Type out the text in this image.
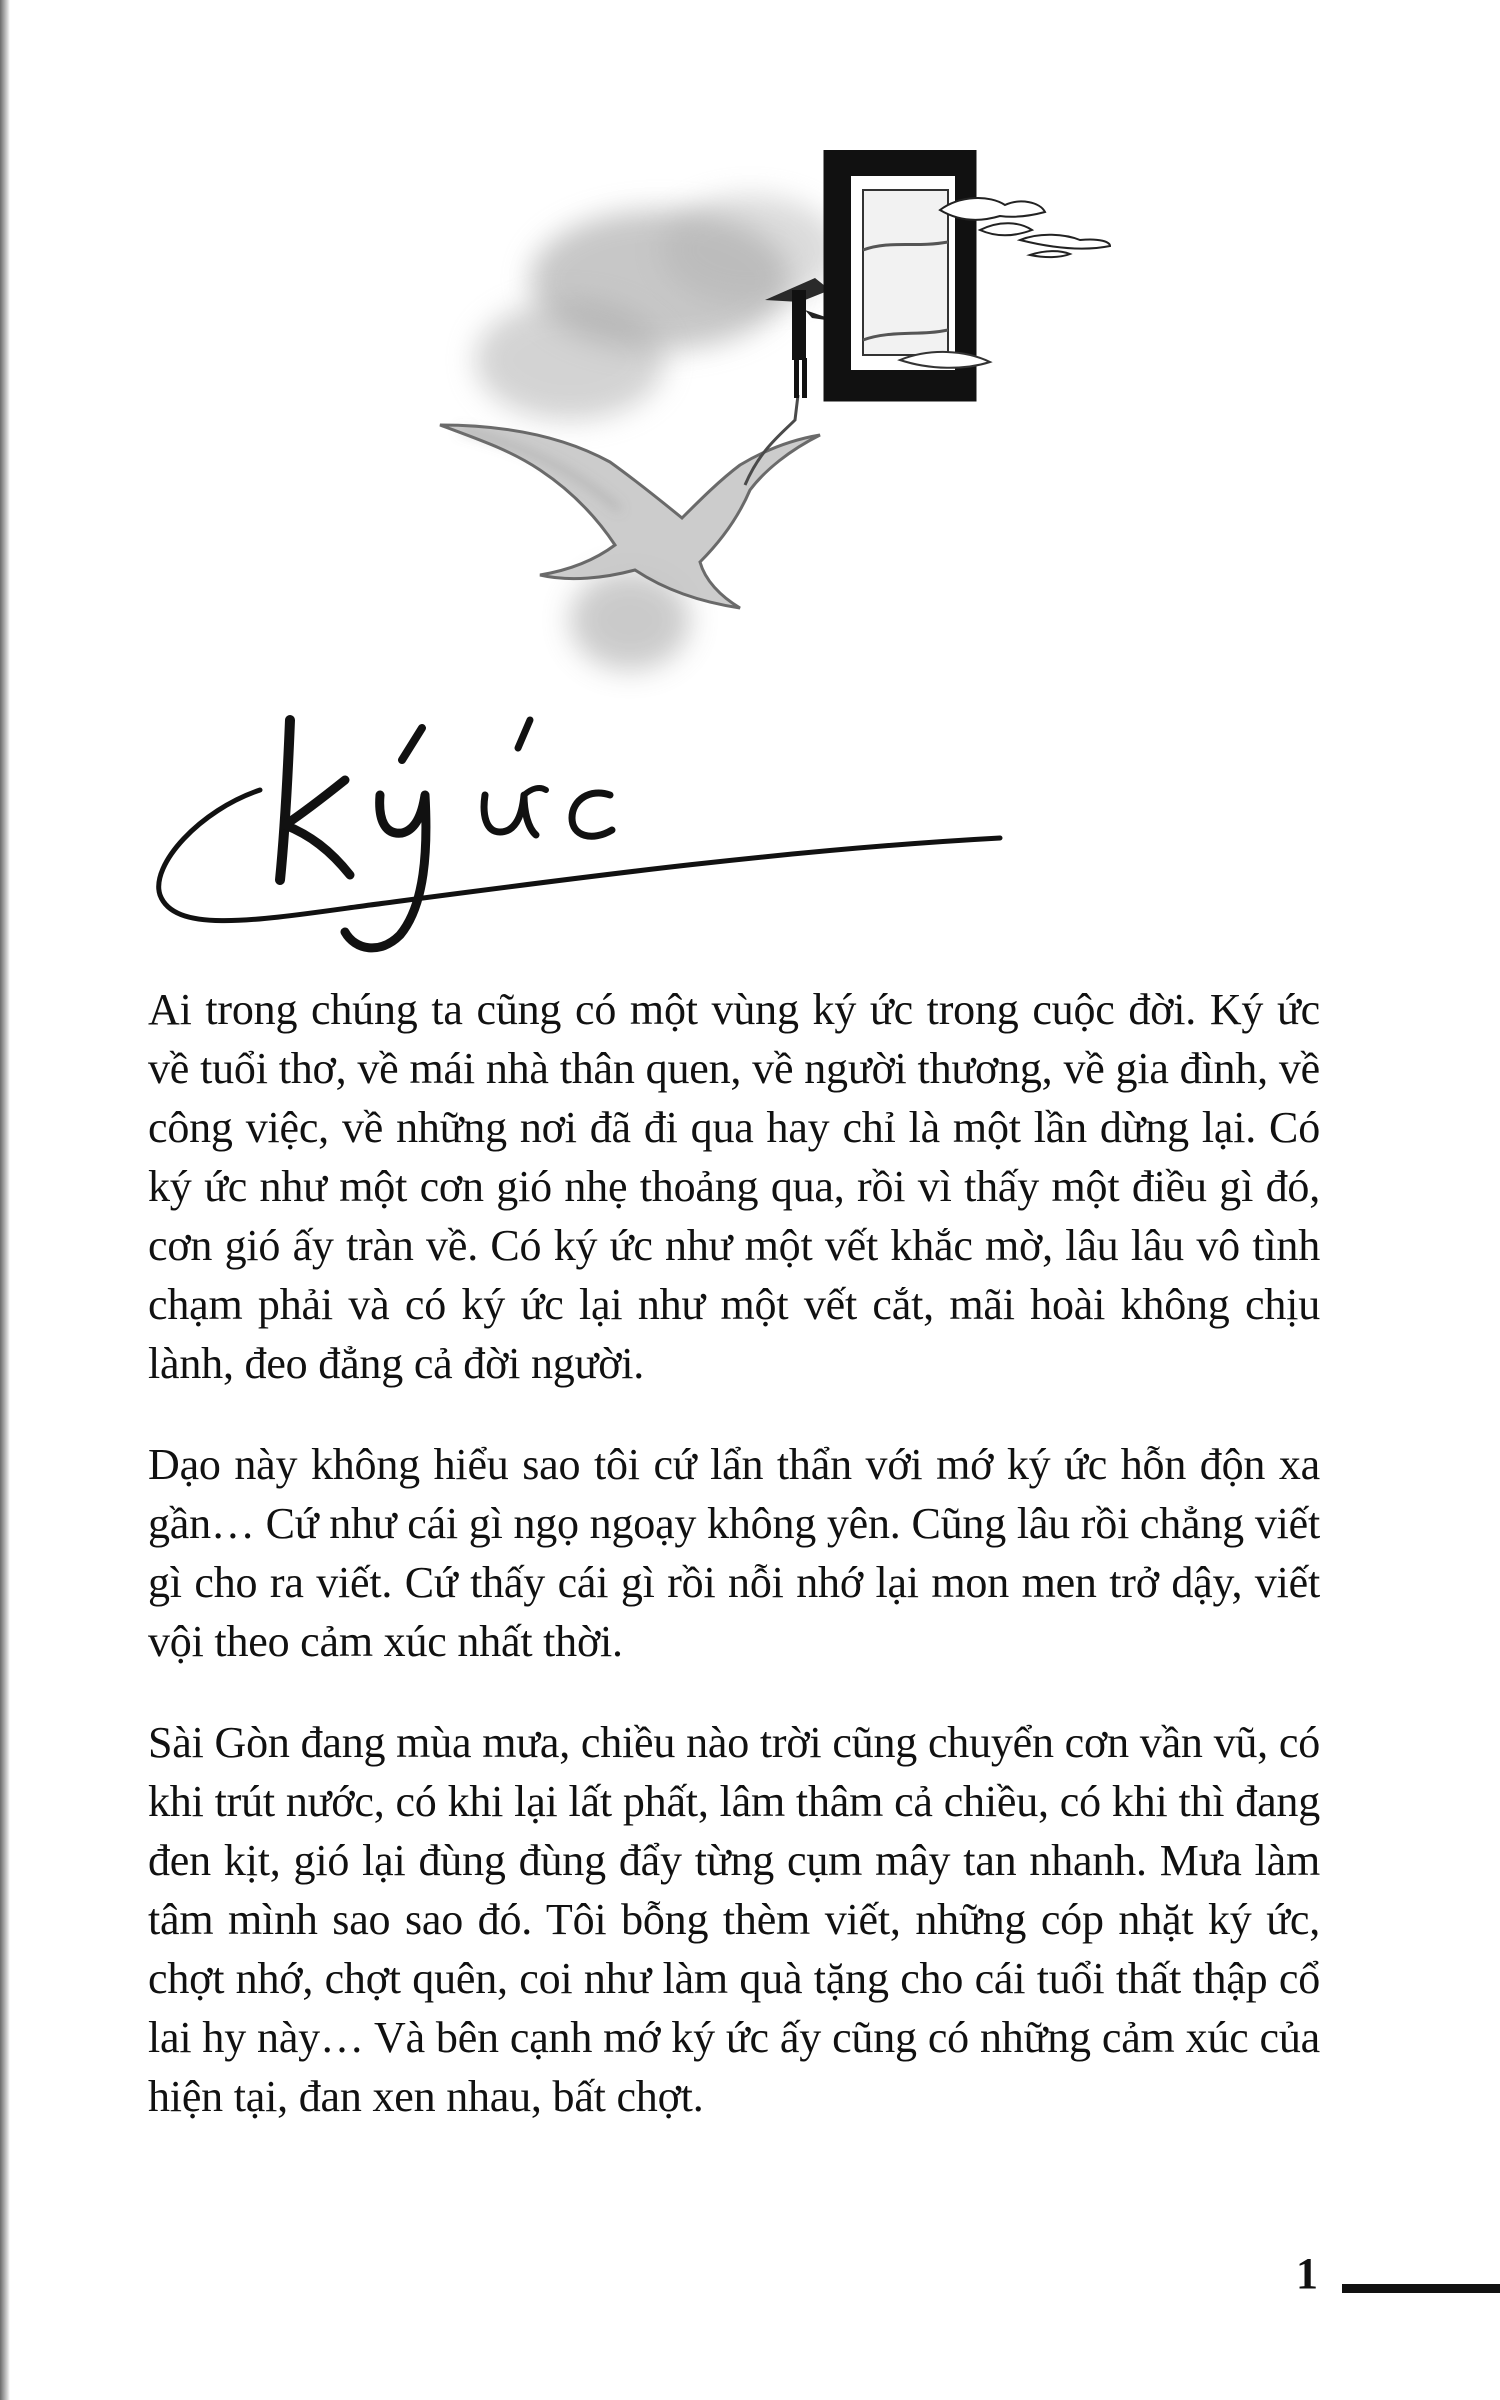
Ai trong chúng ta cũng có một vùng ký ức trong cuộc đời. Ký ức về tuổi thơ, về mái nhà thân quen, về người thương, về gia đình, về công việc, về những nơi đã đi qua hay chỉ là một lần dừng lại. Có ký ức như một cơn gió nhẹ thoảng qua, rồi vì thấy một điều gì đó, cơn gió ấy tràn về. Có ký ức như một vết khắc mờ, lâu lâu vô tình chạm phải và có ký ức lại như một vết cắt, mãi hoài không chịu lành, đeo đẳng cả đời người.

Dạo này không hiểu sao tôi cứ lẩn thẩn với mớ ký ức hỗn độn xa gần… Cứ như cái gì ngọ ngoạy không yên. Cũng lâu rồi chẳng viết gì cho ra viết. Cứ thấy cái gì rồi nỗi nhớ lại mon men trở dậy, viết vội theo cảm xúc nhất thời.

Sài Gòn đang mùa mưa, chiều nào trời cũng chuyển cơn vần vũ, có khi trút nước, có khi lại lất phất, lâm thâm cả chiều, có khi thì đang đen kịt, gió lại đùng đùng đẩy từng cụm mây tan nhanh. Mưa làm tâm mình sao sao đó. Tôi bỗng thèm viết, những cóp nhặt ký ức, chợt nhớ, chợt quên, coi như làm quà tặng cho cái tuổi thất thập cổ lai hy này… Và bên cạnh mớ ký ức ấy cũng có những cảm xúc của hiện tại, đan xen nhau, bất chợt.

1
